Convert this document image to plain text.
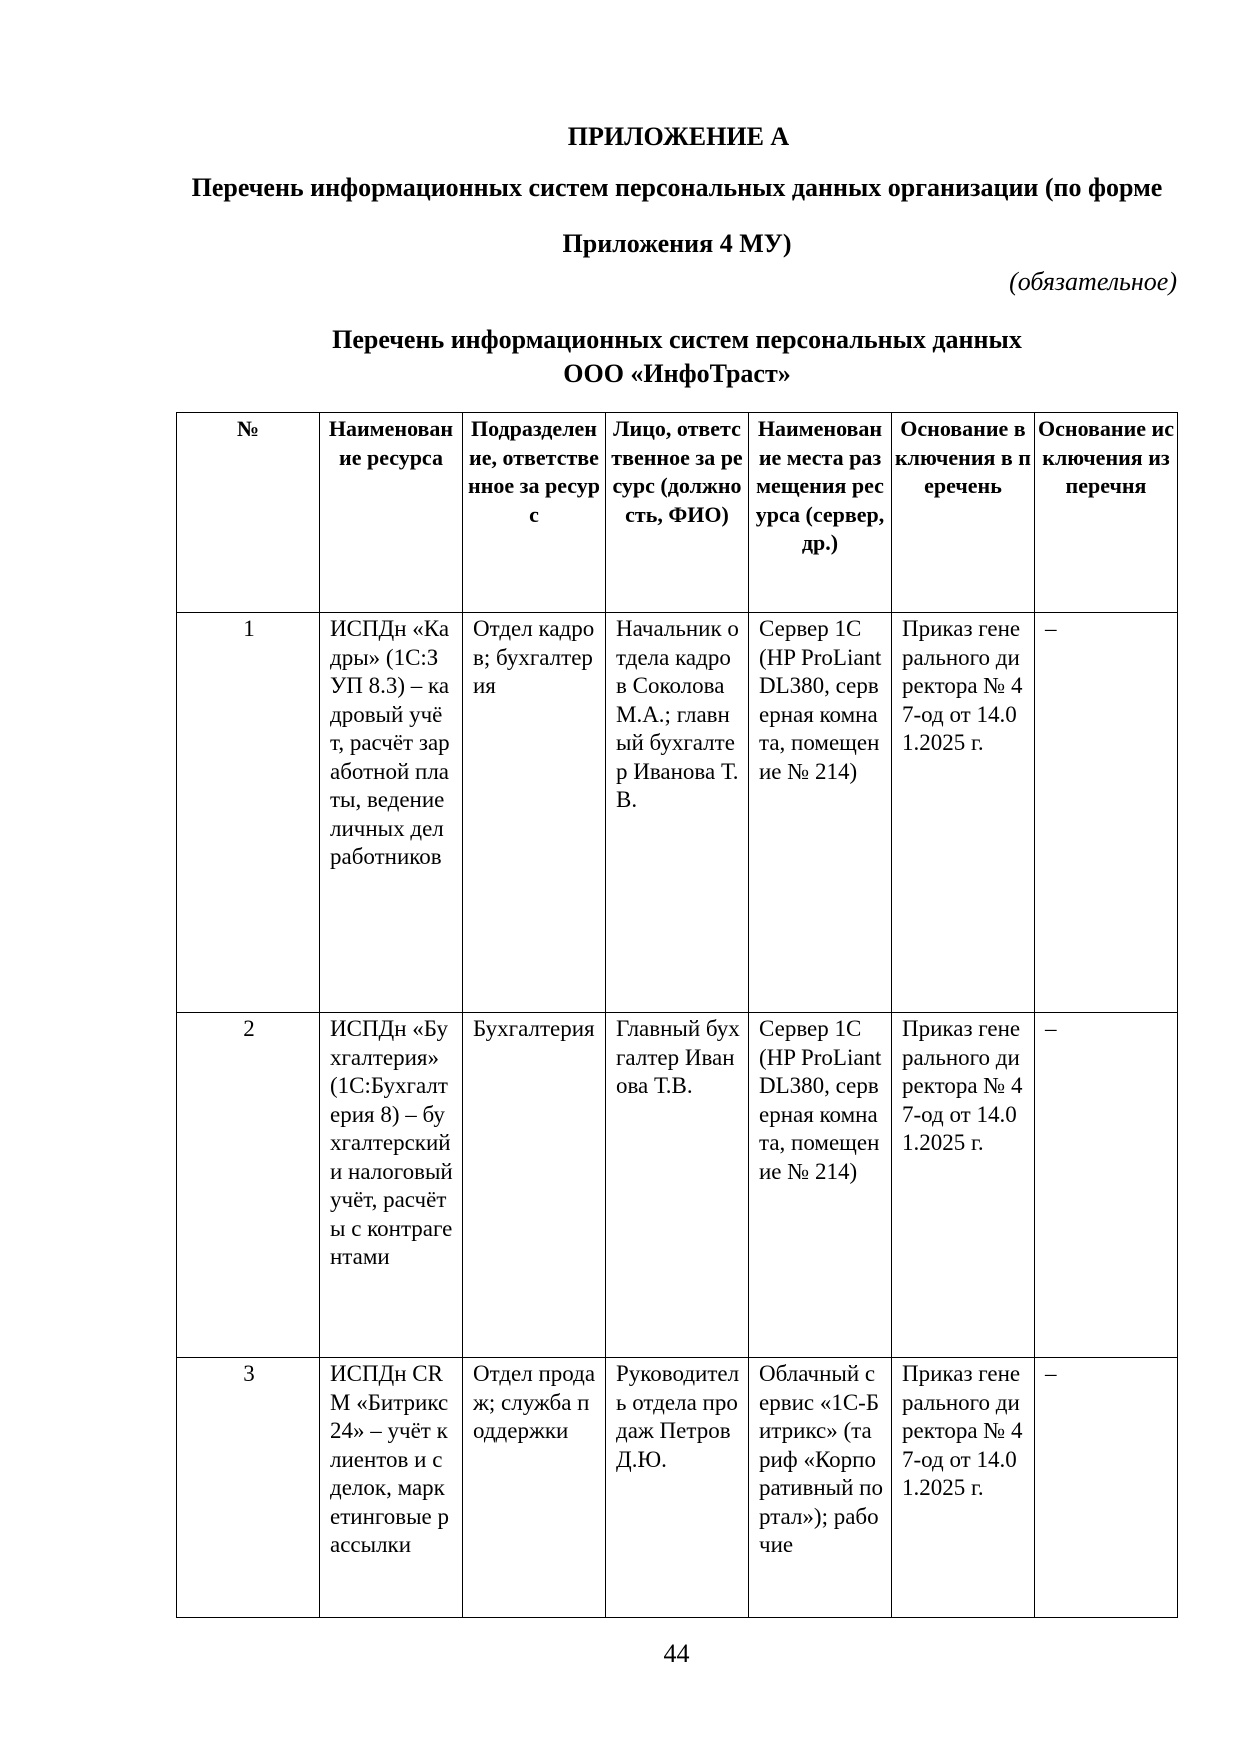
ПРИЛОЖЕНИЕ А
Перечень информационных систем персональных данных организации (по форме Приложения 4 МУ)
(обязательное)
Перечень информационных систем персональных данных
ООО «ИнфоТраст»
№	Наименование ресурса	Подразделение, ответственное за ресурс	Лицо, ответственное за ресурс (должность, ФИО)	Наименование места размещения ресурса (сервер, др.)	Основание включения в перечень	Основание исключения из перечня
1	ИСПДн «Кадры» (1С:ЗУП 8.3) – кадровый учёт, расчёт заработной платы, ведение личных дел работников	Отдел кадров; бухгалтерия	Начальник отдела кадров Соколова М.А.; главный бухгалтер Иванова Т.В.	Сервер 1С (HP ProLiant DL380, серверная комната, помещение № 214)	Приказ генерального директора № 47-од от 14.01.2025 г.	–
2	ИСПДн «Бухгалтерия» (1С:Бухгалтерия 8) – бухгалтерский и налоговый учёт, расчёты с контрагентами	Бухгалтерия	Главный бухгалтер Иванова Т.В.	Сервер 1С (HP ProLiant DL380, серверная комната, помещение № 214)	Приказ генерального директора № 47-од от 14.01.2025 г.	–
3	ИСПДн CRM «Битрикс24» – учёт клиентов и сделок, маркетинговые рассылки	Отдел продаж; служба поддержки	Руководитель отдела продаж Петров Д.Ю.	Облачный сервис «1С-Битрикс» (тариф «Корпоративный портал»); рабочие	Приказ генерального директора № 47-од от 14.01.2025 г.	–
44
